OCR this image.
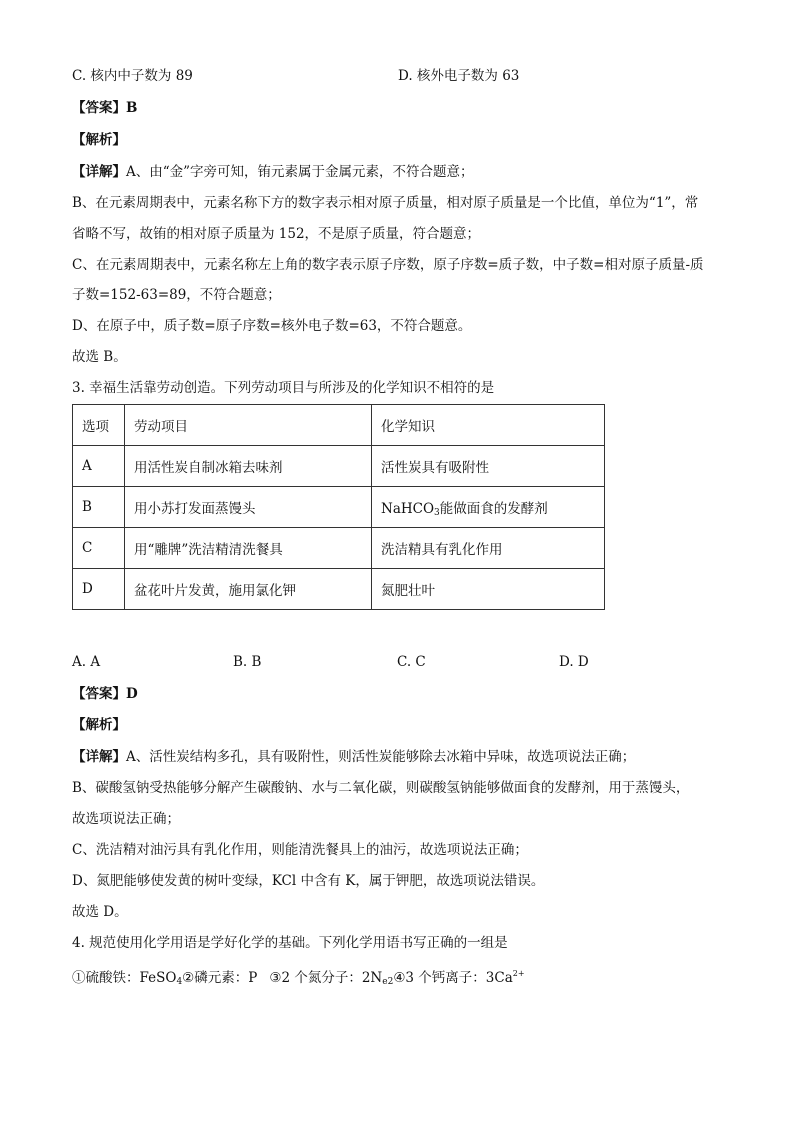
C. 核内中子数为 89	D. 核外电子数为 63
【答案】B
【解析】
【详解】A、由“金”字旁可知，铕元素属于金属元素，不符合题意；
B、在元素周期表中，元素名称下方的数字表示相对原子质量，相对原子质量是一个比值，单位为“1”，常
省略不写，故铕的相对原子质量为 152，不是原子质量，符合题意；
C、在元素周期表中，元素名称左上角的数字表示原子序数，原子序数=质子数，中子数=相对原子质量-质
子数=152-63=89，不符合题意；
D、在原子中，质子数=原子序数=核外电子数=63，不符合题意。
故选 B。
3. 幸福生活靠劳动创造。下列劳动项目与所涉及的化学知识不相符的是
选项	劳动项目	化学知识
A	用活性炭自制冰箱去味剂	活性炭具有吸附性
B	用小苏打发面蒸馒头	NaHCO$_3$能做面食的发酵剂
C	用“雕牌”洗洁精清洗餐具	洗洁精具有乳化作用
D	盆花叶片发黄，施用氯化钾	氮肥壮叶
A. A	B. B	C. C	D. D
【答案】D
【解析】
【详解】A、活性炭结构多孔，具有吸附性，则活性炭能够除去冰箱中异味，故选项说法正确；
B、碳酸氢钠受热能够分解产生碳酸钠、水与二氧化碳，则碳酸氢钠能够做面食的发酵剂，用于蒸馒头，
故选项说法正确；
C、洗洁精对油污具有乳化作用，则能清洗餐具上的油污，故选项说法正确；
D、氮肥能够使发黄的树叶变绿，KCl 中含有 K，属于钾肥，故选项说法错误。
故选 D。
4. 规范使用化学用语是学好化学的基础。下列化学用语书写正确的一组是
①硫酸铁：FeSO$_4$②磷元素：P ③2 个氮分子：$2N_{e2}④3$ 个钙离子：$3Ca^{2+}$
